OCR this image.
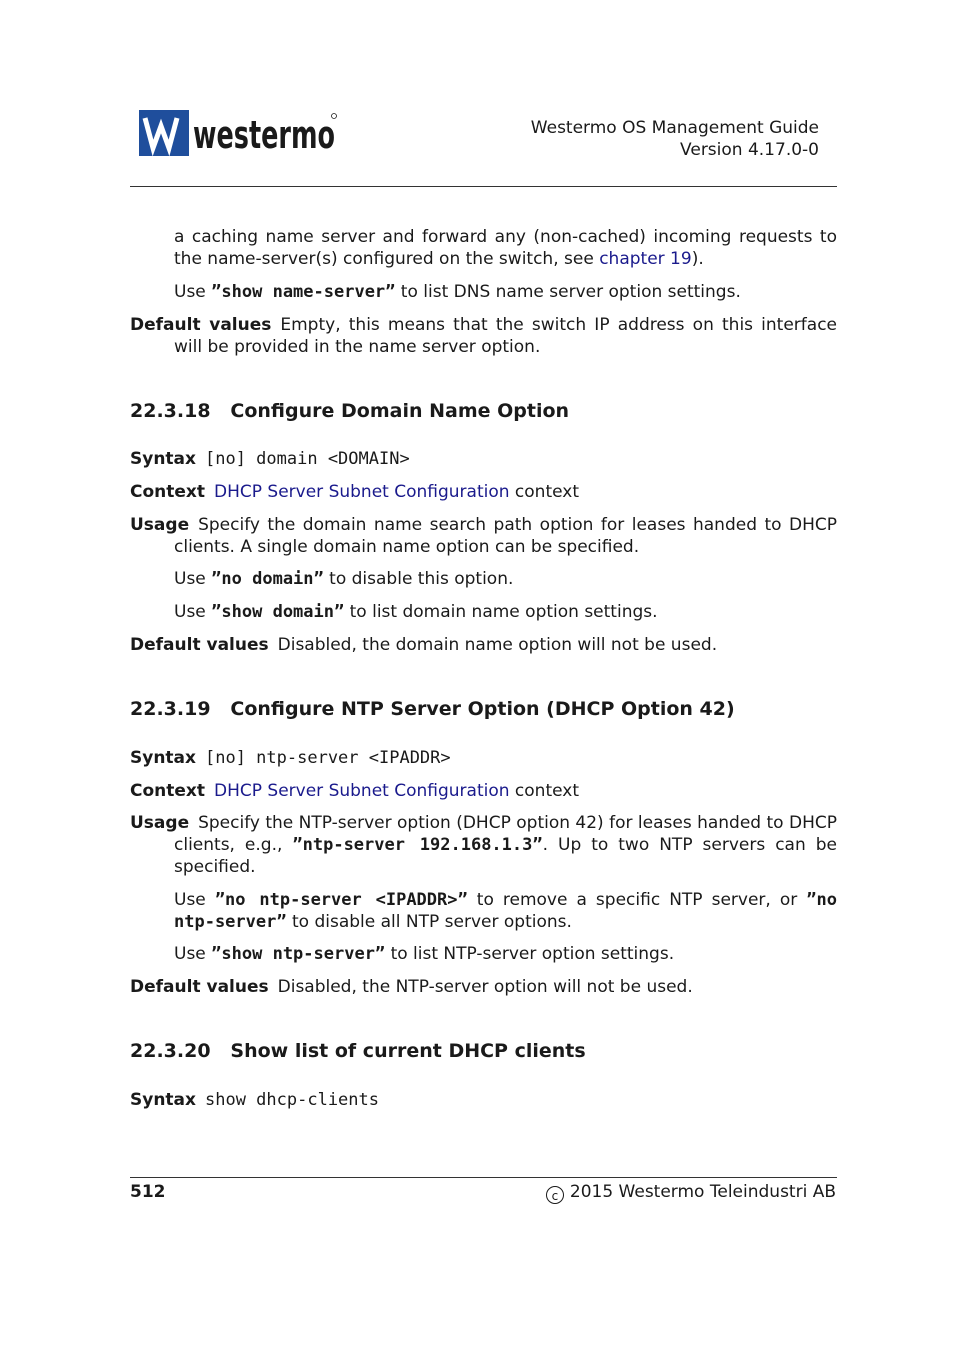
westermo	Westermo OS Management Guide
Version 4.17.0-0
a caching name server and forward any (non-cached) incoming requests to the name-server(s) configured on the switch, see chapter 19).
Use ”show name-server” to list DNS name server option settings.
Default values Empty, this means that the switch IP address on this interface will be provided in the name server option.
22.3.18 Configure Domain Name Option
Syntax [no] domain <DOMAIN>
Context DHCP Server Subnet Configuration context
Usage Specify the domain name search path option for leases handed to DHCP clients. A single domain name option can be specified.
Use ”no domain” to disable this option.
Use ”show domain” to list domain name option settings.
Default values Disabled, the domain name option will not be used.
22.3.19 Configure NTP Server Option (DHCP Option 42)
Syntax [no] ntp-server <IPADDR>
Context DHCP Server Subnet Configuration context
Usage Specify the NTP-server option (DHCP option 42) for leases handed to DHCP clients, e.g., ”ntp-server 192.168.1.3”. Up to two NTP servers can be specified.
Use ”no ntp-server <IPADDR>” to remove a specific NTP server, or ”no ntp-server” to disable all NTP server options.
Use ”show ntp-server” to list NTP-server option settings.
Default values Disabled, the NTP-server option will not be used.
22.3.20 Show list of current DHCP clients
Syntax show dhcp-clients
512	c 2015 Westermo Teleindustri AB
